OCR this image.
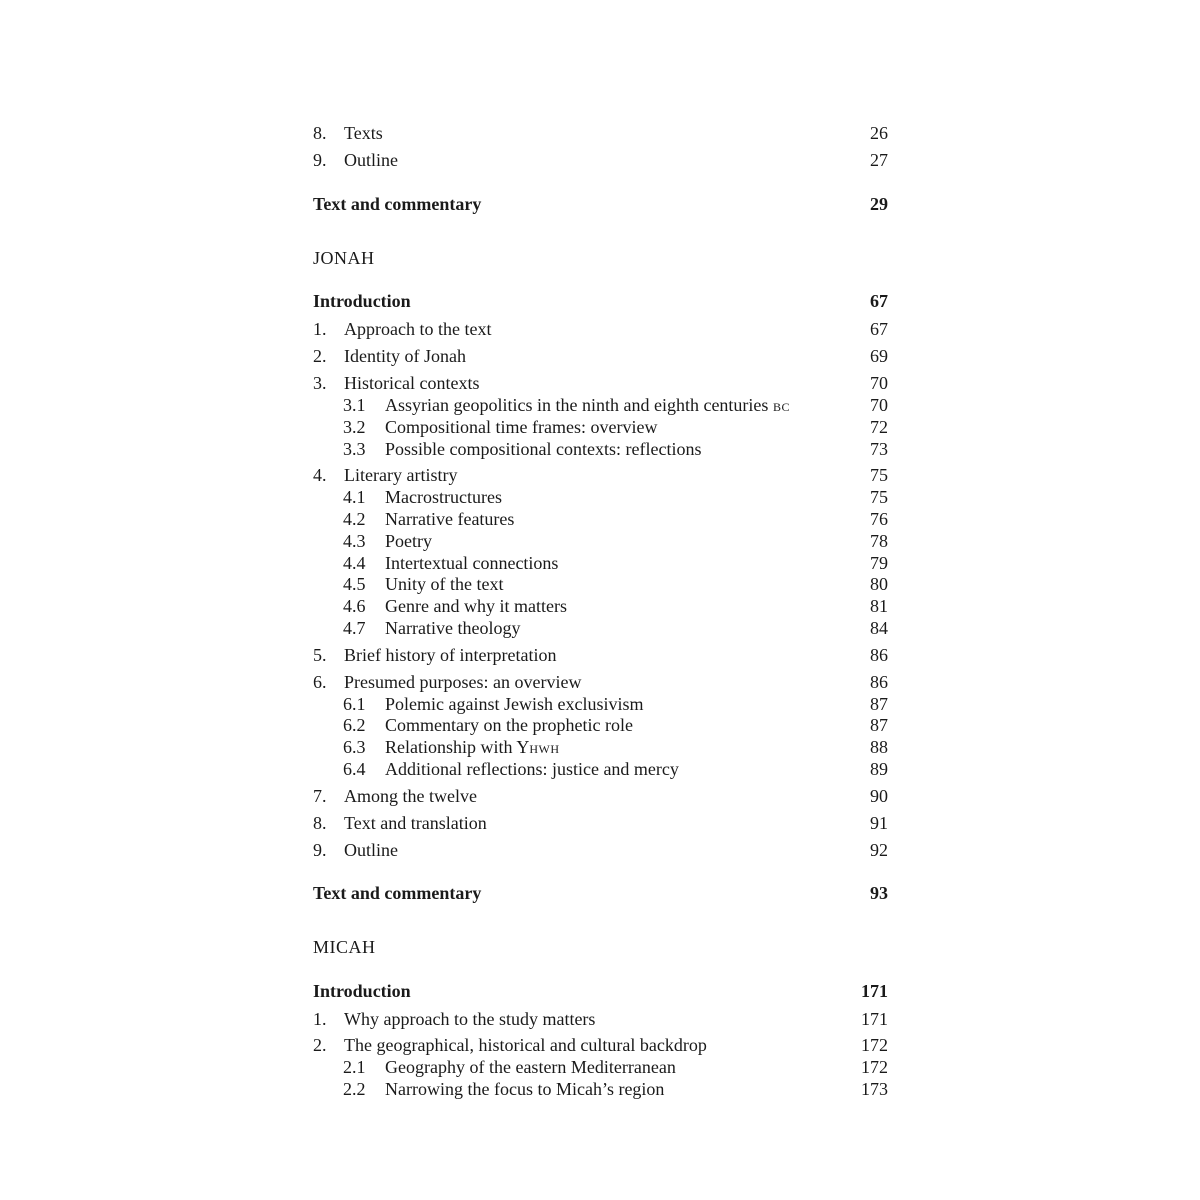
8. Texts	26
9. Outline	27
Text and commentary	29
JONAH
Introduction	67
1. Approach to the text	67
2. Identity of Jonah	69
3. Historical contexts	70
3.1 Assyrian geopolitics in the ninth and eighth centuries BC	70
3.2 Compositional time frames: overview	72
3.3 Possible compositional contexts: reflections	73
4. Literary artistry	75
4.1 Macrostructures	75
4.2 Narrative features	76
4.3 Poetry	78
4.4 Intertextual connections	79
4.5 Unity of the text	80
4.6 Genre and why it matters	81
4.7 Narrative theology	84
5. Brief history of interpretation	86
6. Presumed purposes: an overview	86
6.1 Polemic against Jewish exclusivism	87
6.2 Commentary on the prophetic role	87
6.3 Relationship with YHWH	88
6.4 Additional reflections: justice and mercy	89
7. Among the twelve	90
8. Text and translation	91
9. Outline	92
Text and commentary	93
MICAH
Introduction	171
1. Why approach to the study matters	171
2. The geographical, historical and cultural backdrop	172
2.1 Geography of the eastern Mediterranean	172
2.2 Narrowing the focus to Micah’s region	173
